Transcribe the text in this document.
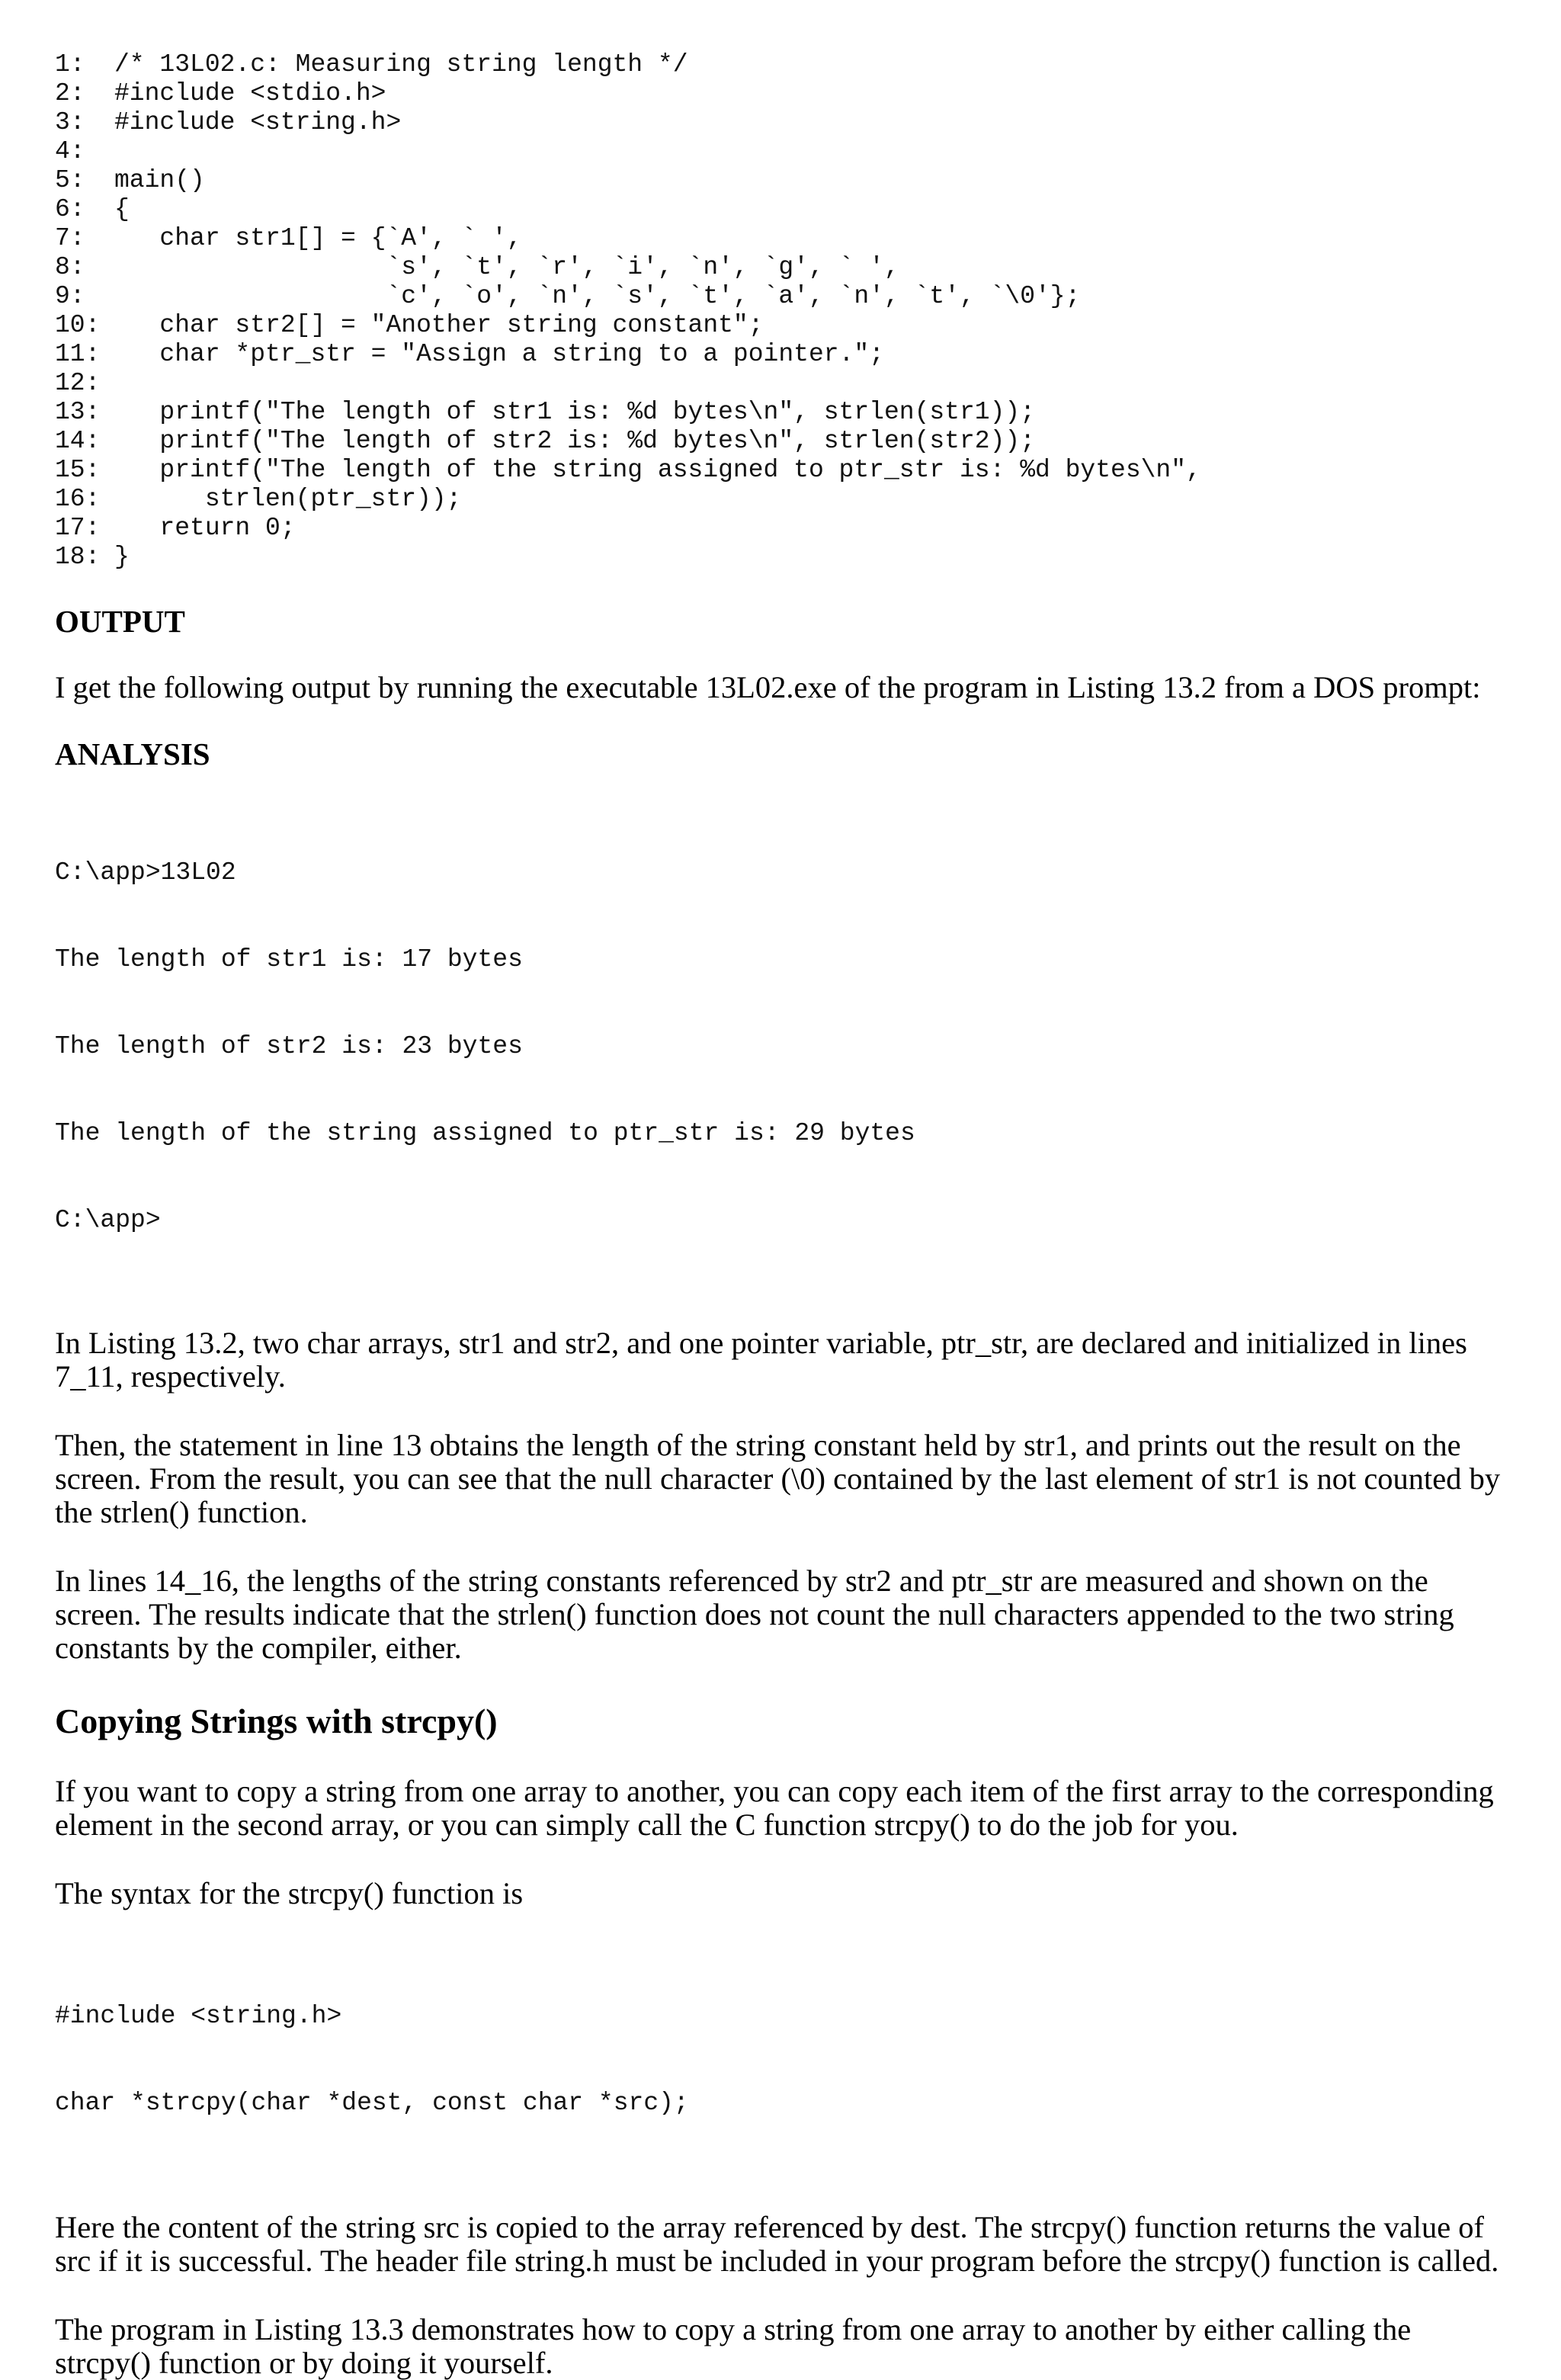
1: /* 13L02.c: Measuring string length */
2: #include <stdio.h>
3: #include <string.h>
4:
5: main()
6: {
7:   char str1[] = {`A', ` ',
8:                  `s', `t', `r', `i', `n', `g', ` ',
9:                  `c', `o', `n', `s', `t', `a', `n', `t', `\0'};
10:   char str2[] = "Another string constant";
11:   char *ptr_str = "Assign a string to a pointer.";
12:
13:   printf("The length of str1 is: %d bytes\n", strlen(str1));
14:   printf("The length of str2 is: %d bytes\n", strlen(str2));
15:   printf("The length of the string assigned to ptr_str is: %d bytes\n",
16:      strlen(ptr_str));
17:   return 0;
18: }
OUTPUT

I get the following output by running the executable 13L02.exe of the program in Listing 13.2 from a DOS prompt:

ANALYSIS

C:\app>13L02

The length of str1 is: 17 bytes

The length of str2 is: 23 bytes

The length of the string assigned to ptr_str is: 29 bytes

C:\app>

In Listing 13.2, two char arrays, str1 and str2, and one pointer variable, ptr_str, are declared and initialized in lines 7_11, respectively.

Then, the statement in line 13 obtains the length of the string constant held by str1, and prints out the result on the screen. From the result, you can see that the null character (\0) contained by the last element of str1 is not counted by the strlen() function.

In lines 14_16, the lengths of the string constants referenced by str2 and ptr_str are measured and shown on the screen. The results indicate that the strlen() function does not count the null characters appended to the two string constants by the compiler, either.

Copying Strings with strcpy()

If you want to copy a string from one array to another, you can copy each item of the first array to the corresponding element in the second array, or you can simply call the C function strcpy() to do the job for you.

The syntax for the strcpy() function is

#include <string.h>

char *strcpy(char *dest, const char *src);

Here the content of the string src is copied to the array referenced by dest. The strcpy() function returns the value of src if it is successful. The header file string.h must be included in your program before the strcpy() function is called.

The program in Listing 13.3 demonstrates how to copy a string from one array to another by either calling the strcpy() function or by doing it yourself.
